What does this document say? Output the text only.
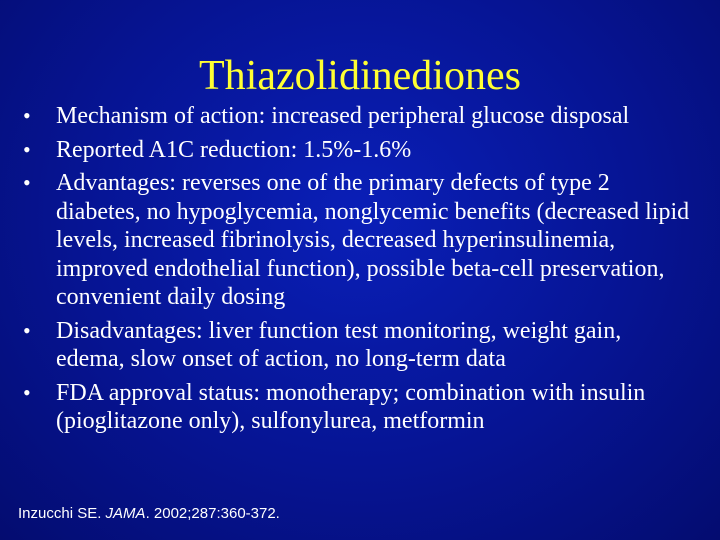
Thiazolidinediones
• Mechanism of action: increased peripheral glucose disposal
• Reported A1C reduction: 1.5%-1.6%
• Advantages: reverses one of the primary defects of type 2 diabetes, no hypoglycemia, nonglycemic benefits (decreased lipid levels, increased fibrinolysis, decreased hyperinsulinemia, improved endothelial function), possible beta-cell preservation, convenient daily dosing
• Disadvantages: liver function test monitoring, weight gain, edema, slow onset of action, no long-term data
• FDA approval status: monotherapy; combination with insulin (pioglitazone only), sulfonylurea, metformin
Inzucchi SE. JAMA. 2002;287:360-372.
